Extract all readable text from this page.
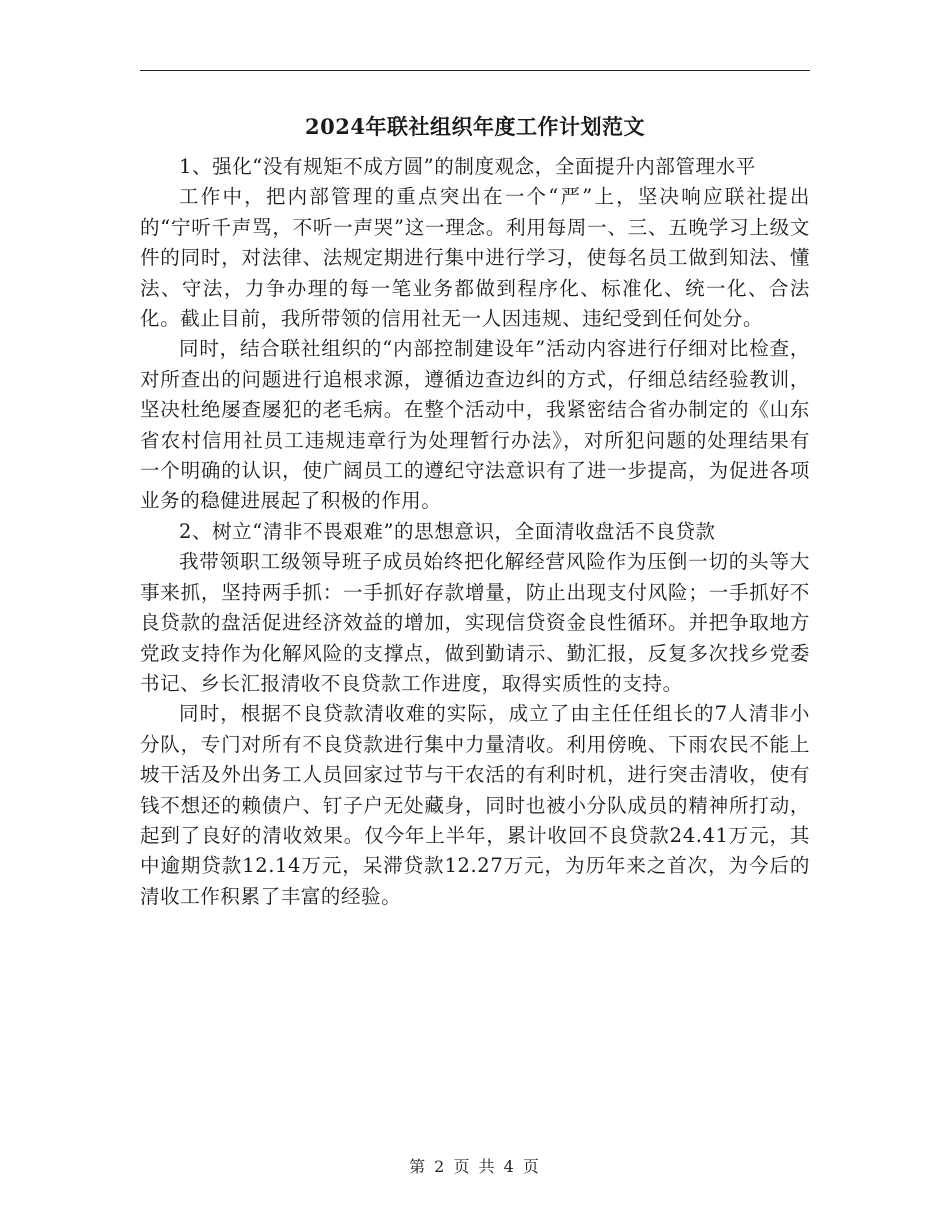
2024年联社组织年度工作计划范文

1、强化“没有规矩不成方圆”的制度观念，全面提升内部管理水平

工作中，把内部管理的重点突出在一个“严”上，坚决响应联社提出的“宁听千声骂，不听一声哭”这一理念。利用每周一、三、五晚学习上级文件的同时，对法律、法规定期进行集中进行学习，使每名员工做到知法、懂法、守法，力争办理的每一笔业务都做到程序化、标准化、统一化、合法化。截止目前，我所带领的信用社无一人因违规、违纪受到任何处分。

同时，结合联社组织的“内部控制建设年”活动内容进行仔细对比检查，对所查出的问题进行追根求源，遵循边查边纠的方式，仔细总结经验教训，坚决杜绝屡查屡犯的老毛病。在整个活动中，我紧密结合省办制定的《山东省农村信用社员工违规违章行为处理暂行办法》，对所犯问题的处理结果有一个明确的认识，使广阔员工的遵纪守法意识有了进一步提高，为促进各项业务的稳健进展起了积极的作用。

2、树立“清非不畏艰难”的思想意识，全面清收盘活不良贷款

我带领职工级领导班子成员始终把化解经营风险作为压倒一切的头等大事来抓，坚持两手抓：一手抓好存款增量，防止出现支付风险；一手抓好不良贷款的盘活促进经济效益的增加，实现信贷资金良性循环。并把争取地方党政支持作为化解风险的支撑点，做到勤请示、勤汇报，反复多次找乡党委书记、乡长汇报清收不良贷款工作进度，取得实质性的支持。

同时，根据不良贷款清收难的实际，成立了由主任任组长的7人清非小分队，专门对所有不良贷款进行集中力量清收。利用傍晚、下雨农民不能上坡干活及外出务工人员回家过节与干农活的有利时机，进行突击清收，使有钱不想还的赖债户、钉子户无处藏身，同时也被小分队成员的精神所打动，起到了良好的清收效果。仅今年上半年，累计收回不良贷款24.41万元，其中逾期贷款12.14万元，呆滞贷款12.27万元，为历年来之首次，为今后的清收工作积累了丰富的经验。

第 2 页 共 4 页
